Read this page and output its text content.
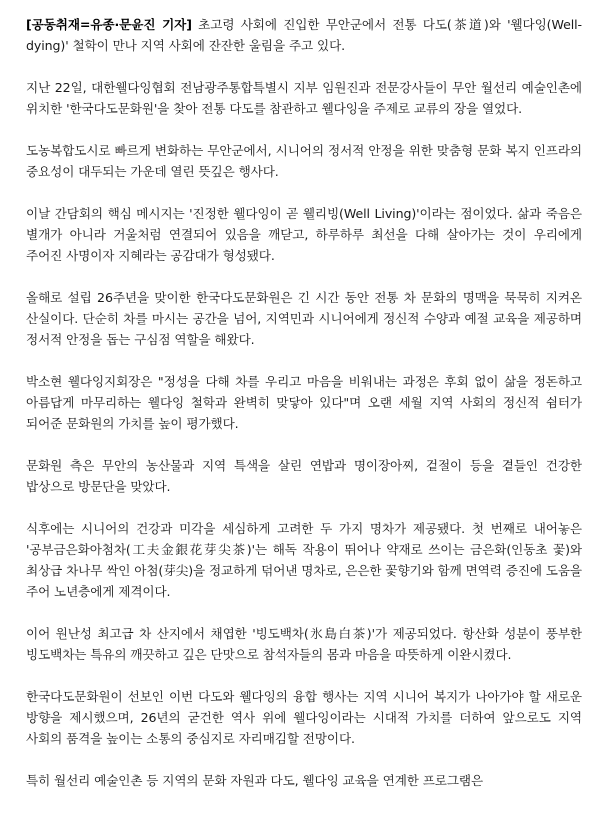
[공동취재=유종·문윤진 기자] 초고령 사회에 진입한 무안군에서 전통 다도(茶道)와 '웰다잉(Well-dying)' 철학이 만나 지역 사회에 잔잔한 울림을 주고 있다.

지난 22일, 대한웰다잉협회 전남광주통합특별시 지부 임원진과 전문강사들이 무안 월선리 예술인촌에 위치한 '한국다도문화원'을 찾아 전통 다도를 참관하고 웰다잉을 주제로 교류의 장을 열었다.

도농복합도시로 빠르게 변화하는 무안군에서, 시니어의 정서적 안정을 위한 맞춤형 문화 복지 인프라의 중요성이 대두되는 가운데 열린 뜻깊은 행사다.

이날 간담회의 핵심 메시지는 '진정한 웰다잉이 곧 웰리빙(Well Living)'이라는 점이었다. 삶과 죽음은 별개가 아니라 거울처럼 연결되어 있음을 깨닫고, 하루하루 최선을 다해 살아가는 것이 우리에게 주어진 사명이자 지혜라는 공감대가 형성됐다.

올해로 설립 26주년을 맞이한 한국다도문화원은 긴 시간 동안 전통 차 문화의 명맥을 묵묵히 지켜온 산실이다. 단순히 차를 마시는 공간을 넘어, 지역민과 시니어에게 정신적 수양과 예절 교육을 제공하며 정서적 안정을 돕는 구심점 역할을 해왔다.

박소현 웰다잉지회장은 "정성을 다해 차를 우리고 마음을 비워내는 과정은 후회 없이 삶을 정돈하고 아름답게 마무리하는 웰다잉 철학과 완벽히 맞닿아 있다"며 오랜 세월 지역 사회의 정신적 쉼터가 되어준 문화원의 가치를 높이 평가했다.

문화원 측은 무안의 농산물과 지역 특색을 살린 연밥과 명이장아찌, 겉절이 등을 곁들인 건강한 밥상으로 방문단을 맞았다.

식후에는 시니어의 건강과 미각을 세심하게 고려한 두 가지 명차가 제공됐다. 첫 번째로 내어놓은 '공부금은화아첨차(工夫金銀花芽尖茶)'는 해독 작용이 뛰어나 약재로 쓰이는 금은화(인동초 꽃)와 최상급 차나무 싹인 아첨(芽尖)을 정교하게 덖어낸 명차로, 은은한 꽃향기와 함께 면역력 증진에 도움을 주어 노년층에게 제격이다.

이어 원난성 최고급 차 산지에서 채엽한 '빙도백차(氷島白茶)'가 제공되었다. 항산화 성분이 풍부한 빙도백차는 특유의 깨끗하고 깊은 단맛으로 참석자들의 몸과 마음을 따뜻하게 이완시켰다.

한국다도문화원이 선보인 이번 다도와 웰다잉의 융합 행사는 지역 시니어 복지가 나아가야 할 새로운 방향을 제시했으며, 26년의 굳건한 역사 위에 웰다잉이라는 시대적 가치를 더하여 앞으로도 지역 사회의 품격을 높이는 소통의 중심지로 자리매김할 전망이다.

특히 월선리 예술인촌 등 지역의 문화 자원과 다도, 웰다잉 교육을 연계한 프로그램은
